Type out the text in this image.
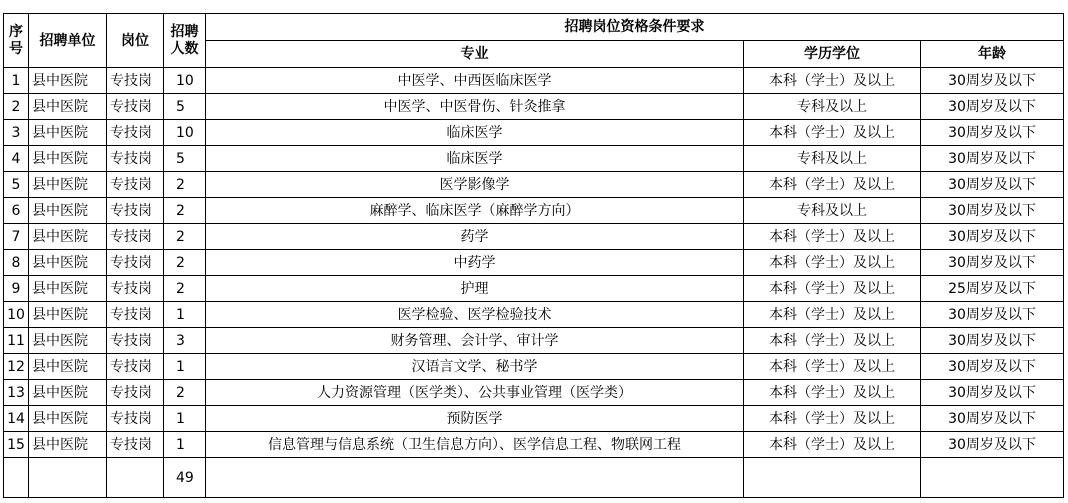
序号	招聘单位	岗位	招聘人数	招聘岗位资格条件要求		
				专业	学历学位	年龄
1	县中医院	专技岗	10	中医学、中西医临床医学	本科（学士）及以上	30周岁及以下
2	县中医院	专技岗	5	中医学、中医骨伤、针灸推拿	专科及以上	30周岁及以下
3	县中医院	专技岗	10	临床医学	本科（学士）及以上	30周岁及以下
4	县中医院	专技岗	5	临床医学	专科及以上	30周岁及以下
5	县中医院	专技岗	2	医学影像学	本科（学士）及以上	30周岁及以下
6	县中医院	专技岗	2	麻醉学、临床医学（麻醉学方向）	专科及以上	30周岁及以下
7	县中医院	专技岗	2	药学	本科（学士）及以上	30周岁及以下
8	县中医院	专技岗	2	中药学	本科（学士）及以上	30周岁及以下
9	县中医院	专技岗	2	护理	本科（学士）及以上	25周岁及以下
10	县中医院	专技岗	1	医学检验、医学检验技术	本科（学士）及以上	30周岁及以下
11	县中医院	专技岗	3	财务管理、会计学、审计学	本科（学士）及以上	30周岁及以下
12	县中医院	专技岗	1	汉语言文学、秘书学	本科（学士）及以上	30周岁及以下
13	县中医院	专技岗	2	人力资源管理（医学类）、公共事业管理（医学类）	本科（学士）及以上	30周岁及以下
14	县中医院	专技岗	1	预防医学	本科（学士）及以上	30周岁及以下
15	县中医院	专技岗	1	信息管理与信息系统（卫生信息方向）、医学信息工程、物联网工程	本科（学士）及以上	30周岁及以下
			49			
